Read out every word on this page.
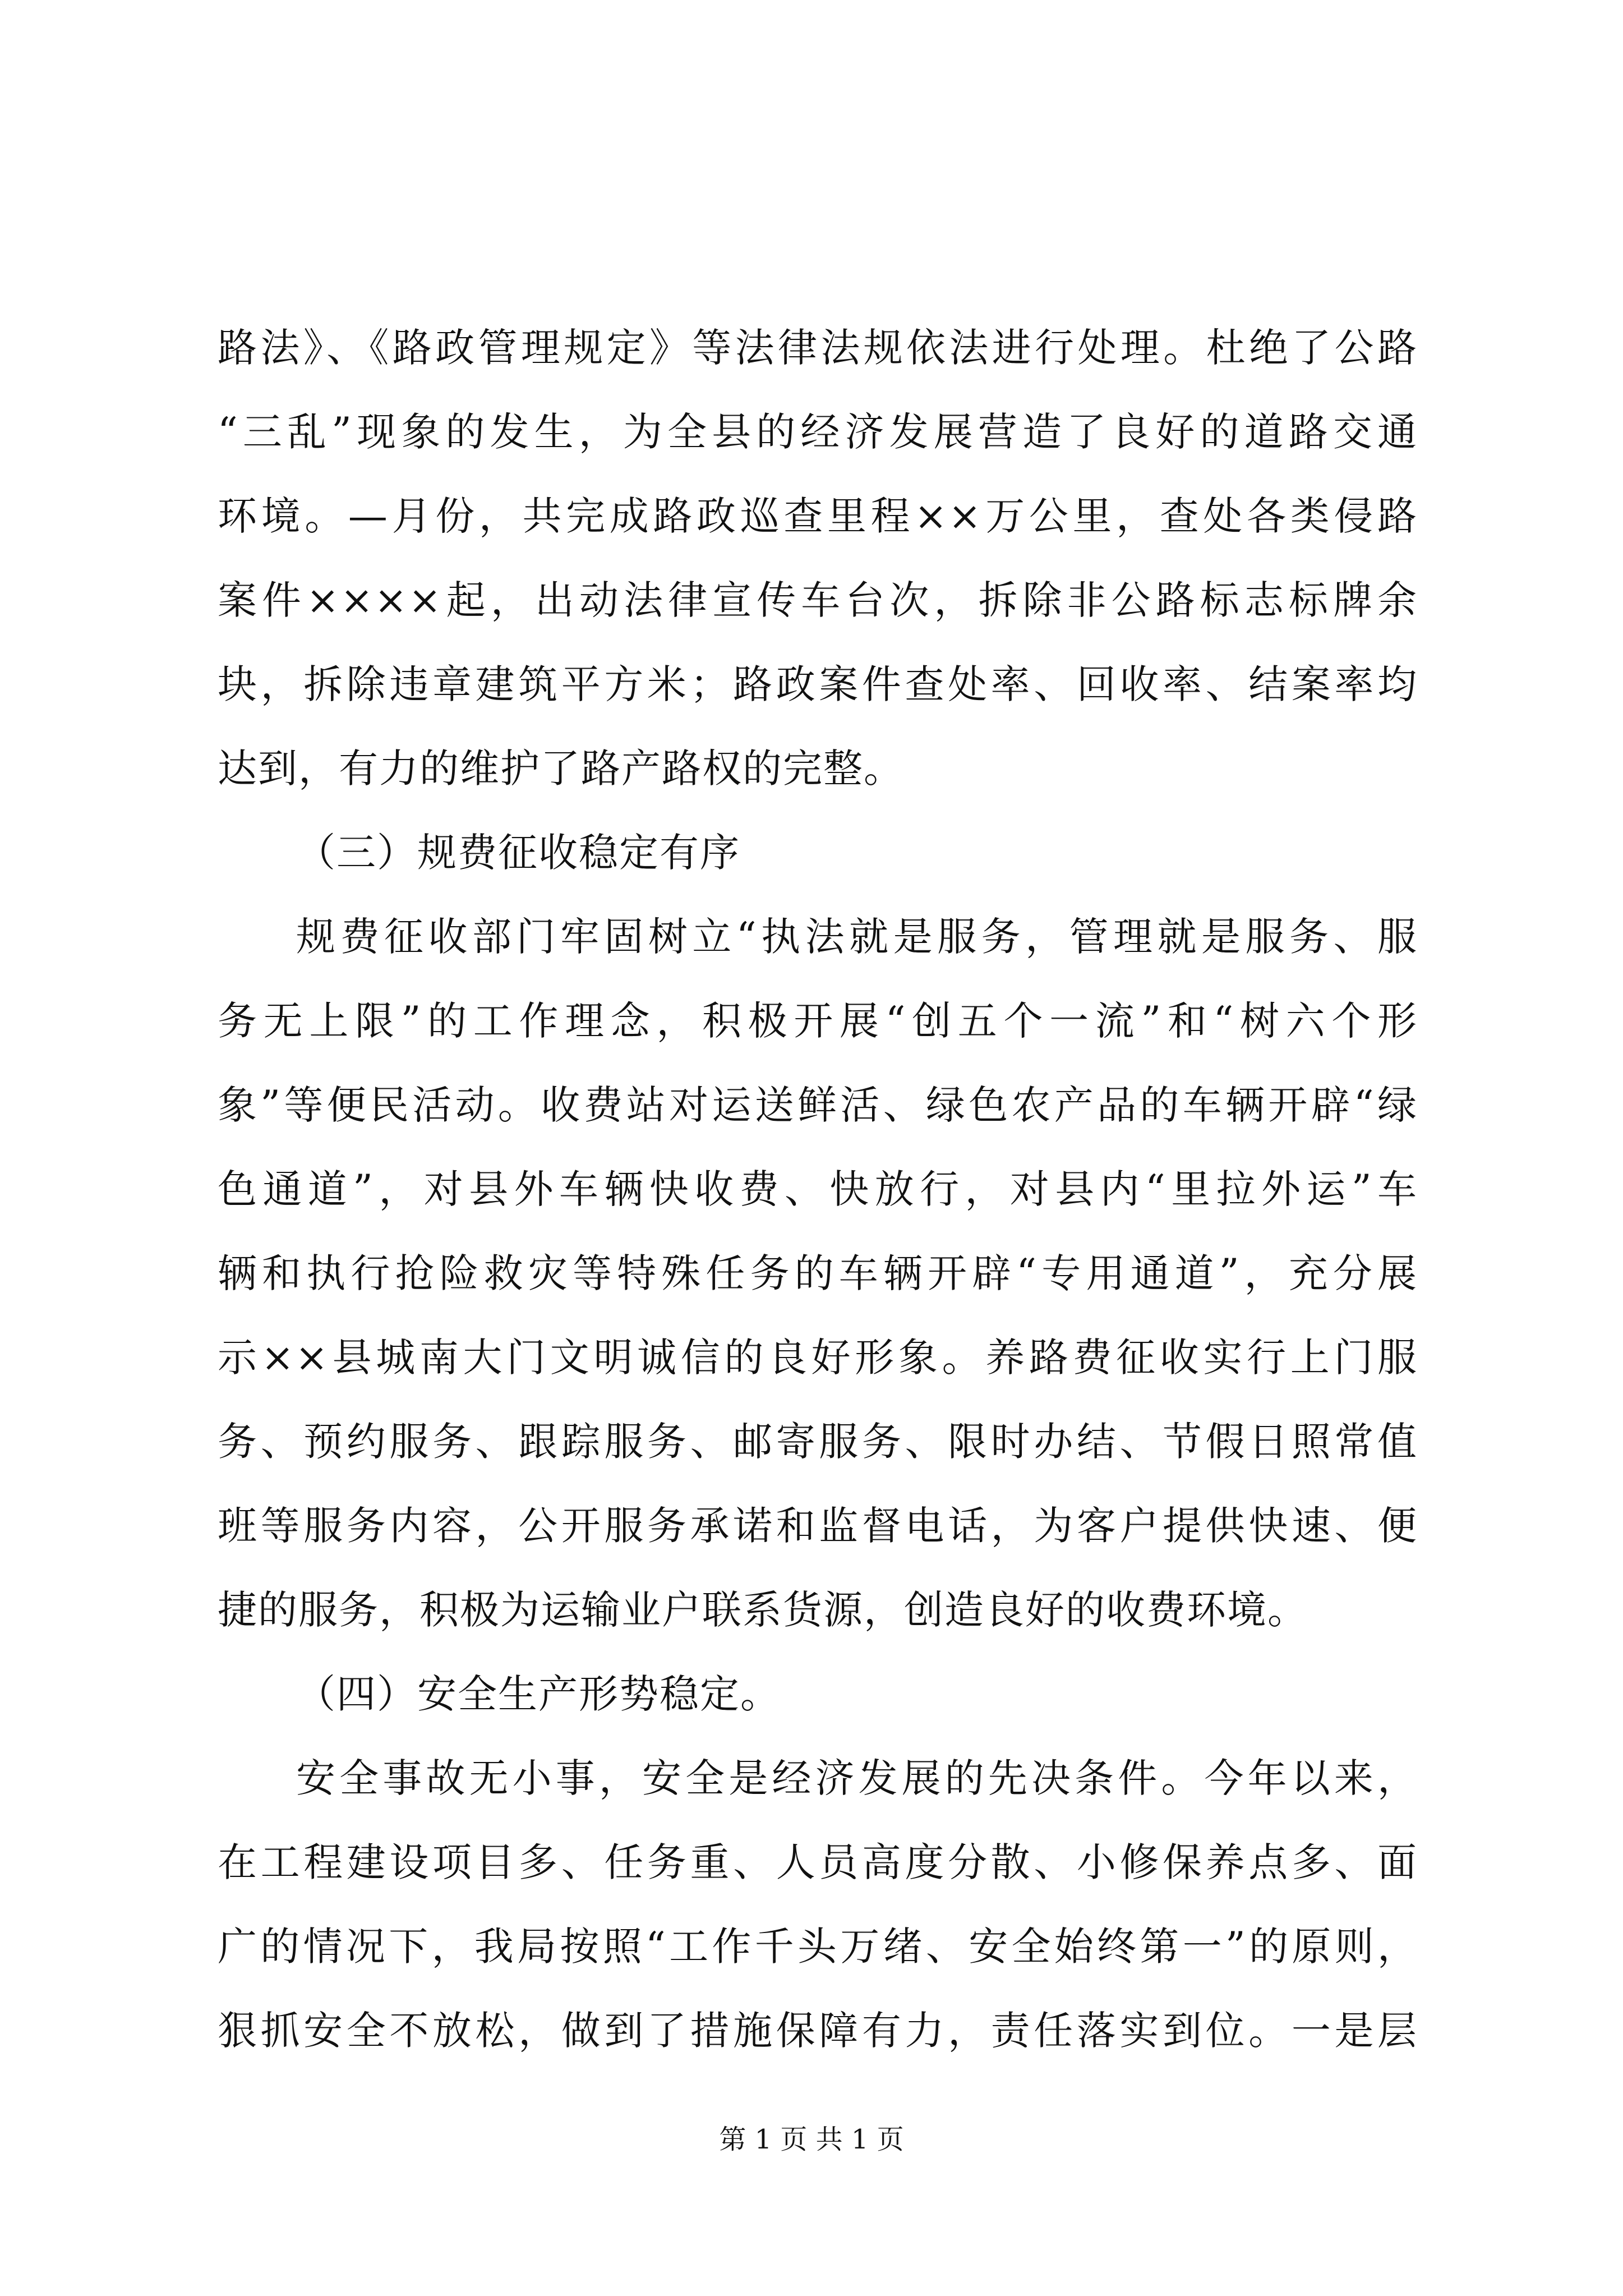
路法》、《路政管理规定》等法律法规依法进行处理。杜绝了公路
“三乱”现象的发生，为全县的经济发展营造了良好的道路交通
环境。—月份，共完成路政巡查里程××万公里，查处各类侵路
案件××××起，出动法律宣传车台次，拆除非公路标志标牌余
块，拆除违章建筑平方米；路政案件查处率、回收率、结案率均
达到，有力的维护了路产路权的完整。
（三）规费征收稳定有序
规费征收部门牢固树立“执法就是服务，管理就是服务、服
务无上限”的工作理念，积极开展“创五个一流”和“树六个形
象”等便民活动。收费站对运送鲜活、绿色农产品的车辆开辟“绿
色通道”，对县外车辆快收费、快放行，对县内“里拉外运”车
辆和执行抢险救灾等特殊任务的车辆开辟“专用通道”，充分展
示××县城南大门文明诚信的良好形象。养路费征收实行上门服
务、预约服务、跟踪服务、邮寄服务、限时办结、节假日照常值
班等服务内容，公开服务承诺和监督电话，为客户提供快速、便
捷的服务，积极为运输业户联系货源，创造良好的收费环境。
（四）安全生产形势稳定。
安全事故无小事，安全是经济发展的先决条件。今年以来，
在工程建设项目多、任务重、人员高度分散、小修保养点多、面
广的情况下，我局按照“工作千头万绪、安全始终第一”的原则，
狠抓安全不放松，做到了措施保障有力，责任落实到位。一是层
第 1 页 共 1 页
